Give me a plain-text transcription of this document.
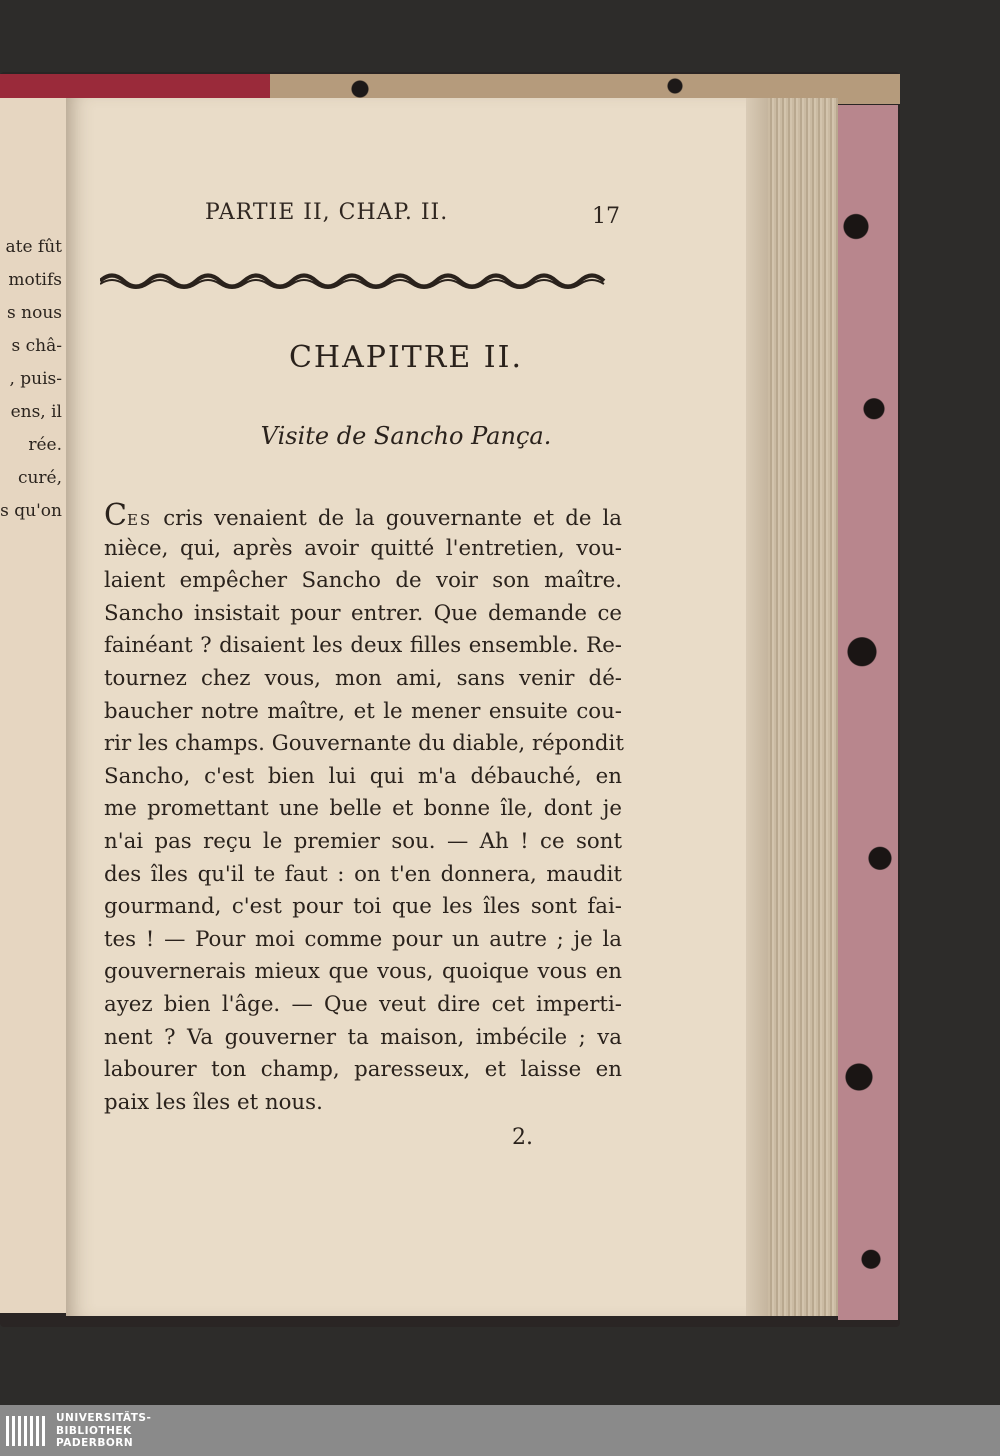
ate fût
motifs
s nous
s châ-
, puis-
ens, il
rée.
curé,
s qu'on
PARTIE II, CHAP. II.	17
CHAPITRE II.
Visite de Sancho Pança.
CES cris venaient de la gouvernante et de la
nièce, qui, après avoir quitté l'entretien, vou-
laient empêcher Sancho de voir son maître.
Sancho insistait pour entrer. Que demande ce
fainéant ? disaient les deux filles ensemble. Re-
tournez chez vous, mon ami, sans venir dé-
baucher notre maître, et le mener ensuite cou-
rir les champs. Gouvernante du diable, répondit
Sancho, c'est bien lui qui m'a débauché, en
me promettant une belle et bonne île, dont je
n'ai pas reçu le premier sou. — Ah ! ce sont
des îles qu'il te faut : on t'en donnera, maudit
gourmand, c'est pour toi que les îles sont fai-
tes ! — Pour moi comme pour un autre ; je la
gouvernerais mieux que vous, quoique vous en
ayez bien l'âge. — Que veut dire cet imperti-
nent ? Va gouverner ta maison, imbécile ; va
labourer ton champ, paresseux, et laisse en
paix les îles et nous.
2.
UNIVERSITÄTS-
BIBLIOTHEK
PADERBORN
